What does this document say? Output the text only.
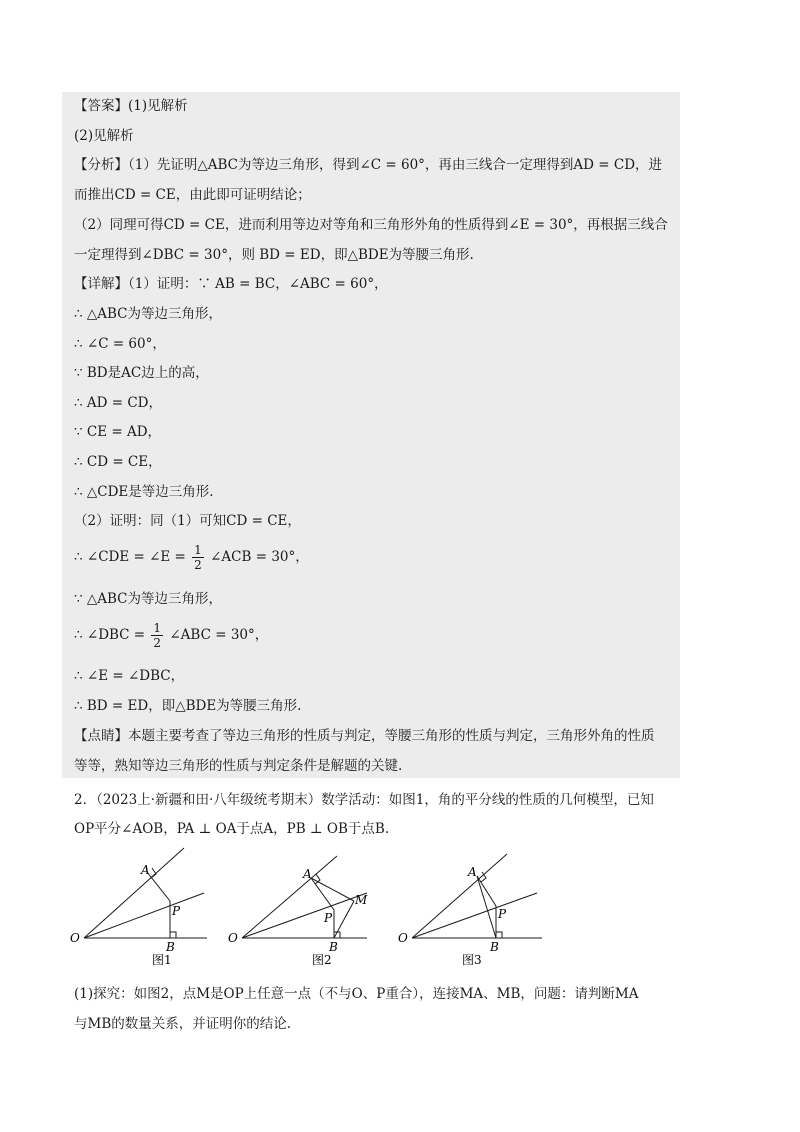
【答案】(1)见解析
(2)见解析
【分析】（1）先证明△ABC为等边三角形，得到∠C = 60°，再由三线合一定理得到AD = CD，进
而推出CD = CE，由此即可证明结论；
（2）同理可得CD = CE，进而利用等边对等角和三角形外角的性质得到∠E = 30°，再根据三线合
一定理得到∠DBC = 30°，则 BD = ED，即△BDE为等腰三角形.
【详解】（1）证明：∵ AB = BC，∠ABC = 60°，
∴ △ABC为等边三角形，
∴ ∠C = 60°，
∵ BD是AC边上的高，
∴ AD = CD，
∵ CE = AD，
∴ CD = CE，
∴ △CDE是等边三角形.
（2）证明：同（1）可知CD = CE，
∴ ∠CDE = ∠E = $\frac{1}{2}$ ∠ACB = 30°，
∵ △ABC为等边三角形，
∴ ∠DBC = $\frac{1}{2}$ ∠ABC = 30°，
∴ ∠E = ∠DBC，
∴ BD = ED，即△BDE为等腰三角形.
【点睛】本题主要考查了等边三角形的性质与判定，等腰三角形的性质与判定，三角形外角的性质
等等，熟知等边三角形的性质与判定条件是解题的关键.
2．（2023上·新疆和田·八年级统考期末）数学活动：如图1，角的平分线的性质的几何模型，已知
OP平分∠AOB，PA ⊥ OA于点A，PB ⊥ OB于点B.
O
A
P
B
图1
O
A
P
M
B
图2
O
A
P
B
图3
(1)探究：如图2，点M是OP上任意一点（不与O、P重合），连接MA、MB，问题：请判断MA
与MB的数量关系，并证明你的结论.
